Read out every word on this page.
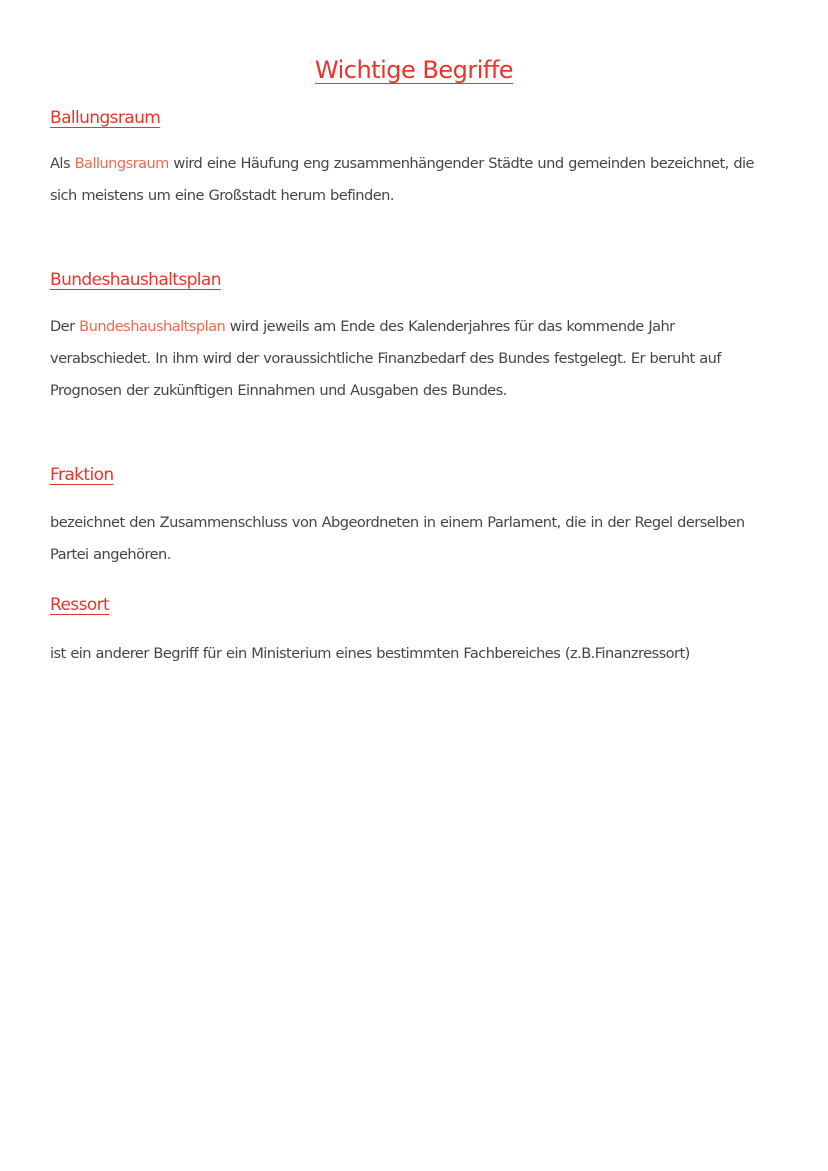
Wichtige Begriffe
Ballungsraum
Als Ballungsraum wird eine Häufung eng zusammenhängender Städte und gemeinden bezeichnet, die sich meistens um eine Großstadt herum befinden.
Bundeshaushaltsplan
Der Bundeshaushaltsplan wird jeweils am Ende des Kalenderjahres für das kommende Jahr verabschiedet. In ihm wird der voraussichtliche Finanzbedarf des Bundes festgelegt. Er beruht auf Prognosen der zukünftigen Einnahmen und Ausgaben des Bundes.
Fraktion
bezeichnet den Zusammenschluss von Abgeordneten in einem Parlament, die in der Regel derselben Partei angehören.
Ressort
ist ein anderer Begriff für ein Ministerium eines bestimmten Fachbereiches (z.B.Finanzressort)
